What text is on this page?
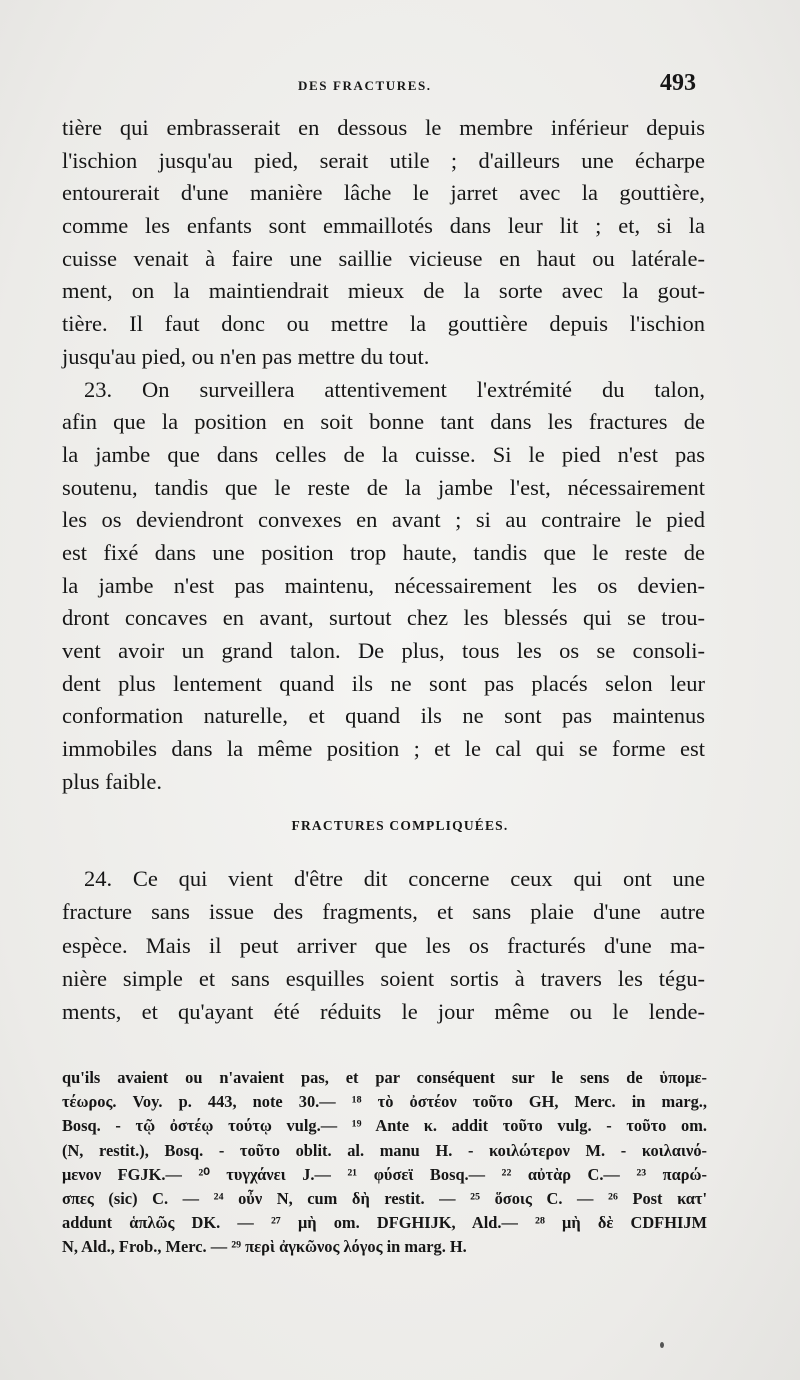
DES FRACTURES.	493
tière qui embrasserait en dessous le membre inférieur depuis
l'ischion jusqu'au pied, serait utile ; d'ailleurs une écharpe
entourerait d'une manière lâche le jarret avec la gouttière,
comme les enfants sont emmaillotés dans leur lit ; et, si la
cuisse venait à faire une saillie vicieuse en haut ou latérale-
ment, on la maintiendrait mieux de la sorte avec la gout-
tière. Il faut donc ou mettre la gouttière depuis l'ischion
jusqu'au pied, ou n'en pas mettre du tout.
23. On surveillera attentivement l'extrémité du talon,
afin que la position en soit bonne tant dans les fractures de
la jambe que dans celles de la cuisse. Si le pied n'est pas
soutenu, tandis que le reste de la jambe l'est, nécessairement
les os deviendront convexes en avant ; si au contraire le pied
est fixé dans une position trop haute, tandis que le reste de
la jambe n'est pas maintenu, nécessairement les os devien-
dront concaves en avant, surtout chez les blessés qui se trou-
vent avoir un grand talon. De plus, tous les os se consoli-
dent plus lentement quand ils ne sont pas placés selon leur
conformation naturelle, et quand ils ne sont pas maintenus
immobiles dans la même position ; et le cal qui se forme est
plus faible.
FRACTURES COMPLIQUÉES.
24. Ce qui vient d'être dit concerne ceux qui ont une
fracture sans issue des fragments, et sans plaie d'une autre
espèce. Mais il peut arriver que les os fracturés d'une ma-
nière simple et sans esquilles soient sortis à travers les tégu-
ments, et qu'ayant été réduits le jour même ou le lende-
qu'ils avaient ou n'avaient pas, et par conséquent sur le sens de ὑπομε-
τέωρος. Voy. p. 443, note 30.— ¹⁸ τὸ ὀστέον τοῦτο GH, Merc. in marg.,
Bosq. - τῷ ὀστέῳ τούτῳ vulg.— ¹⁹ Ante κ. addit τοῦτο vulg. - τοῦτο om.
(N, restit.), Bosq. - τοῦτο oblit. al. manu H. - κοιλώτερον M. - κοιλαινό-
μενον FGJK.— ²⁰ τυγχάνει J.— ²¹ φύσεϊ Bosq.— ²² αὐτὰρ C.— ²³ παρώ-
σπες (sic) C. — ²⁴ οὖν N, cum δὴ restit. — ²⁵ ὅσοις C. — ²⁶ Post κατ'
addunt ἁπλῶς DK. — ²⁷ μὴ om. DFGHIJK, Ald.— ²⁸ μὴ δὲ CDFHIJM
N, Ald., Frob., Merc. — ²⁹ περὶ ἀγκῶνος λόγος in marg. H.
